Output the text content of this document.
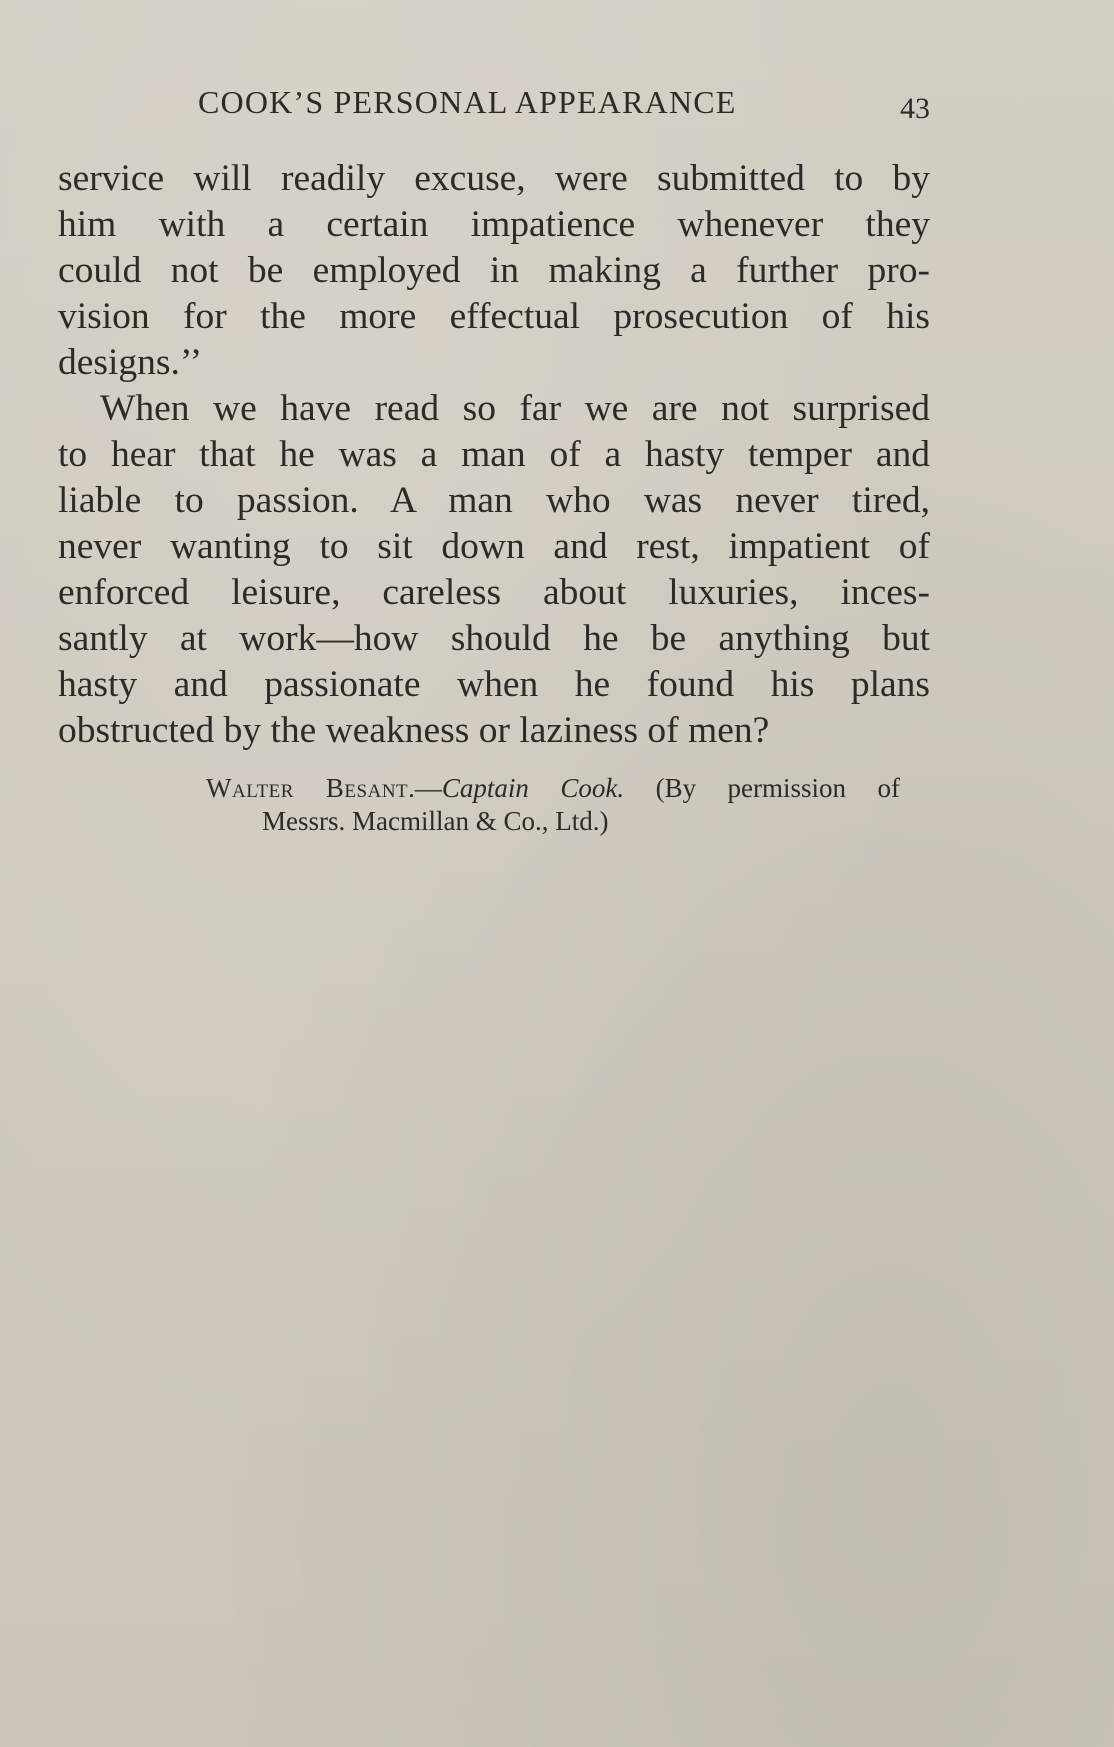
COOK’S PERSONAL APPEARANCE	43
service will readily excuse, were submitted to by
him with a certain impatience whenever they
could not be employed in making a further pro-
vision for the more effectual prosecution of his
designs.’’
When we have read so far we are not surprised
to hear that he was a man of a hasty temper and
liable to passion. A man who was never tired,
never wanting to sit down and rest, impatient of
enforced leisure, careless about luxuries, inces-
santly at work—how should he be anything but
hasty and passionate when he found his plans
obstructed by the weakness or laziness of men?
Walter Besant.—Captain Cook. (By permission of
Messrs. Macmillan & Co., Ltd.)
